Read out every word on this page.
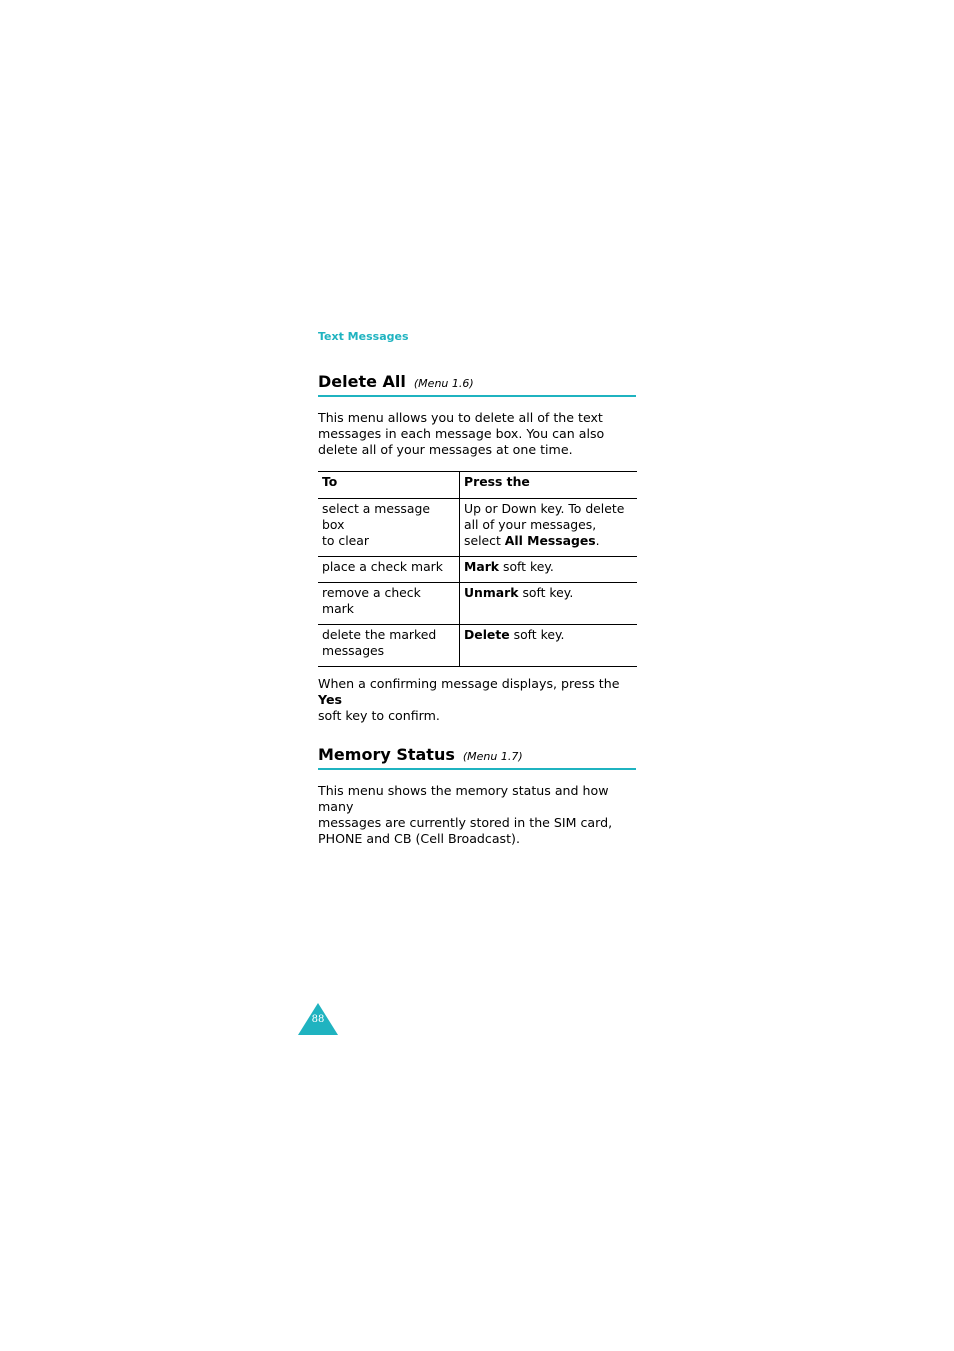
Text Messages
Delete All (Menu 1.6)

This menu allows you to delete all of the text
messages in each message box. You can also
delete all of your messages at one time.

To	Press the
select a message box
to clear	Up or Down key. To delete
all of your messages,
select All Messages.
place a check mark	Mark soft key.
remove a check
mark	Unmark soft key.
delete the marked
messages	Delete soft key.

When a confirming message displays, press the Yes
soft key to confirm.

Memory Status (Menu 1.7)

This menu shows the memory status and how many
messages are currently stored in the SIM card,
PHONE and CB (Cell Broadcast).

88
